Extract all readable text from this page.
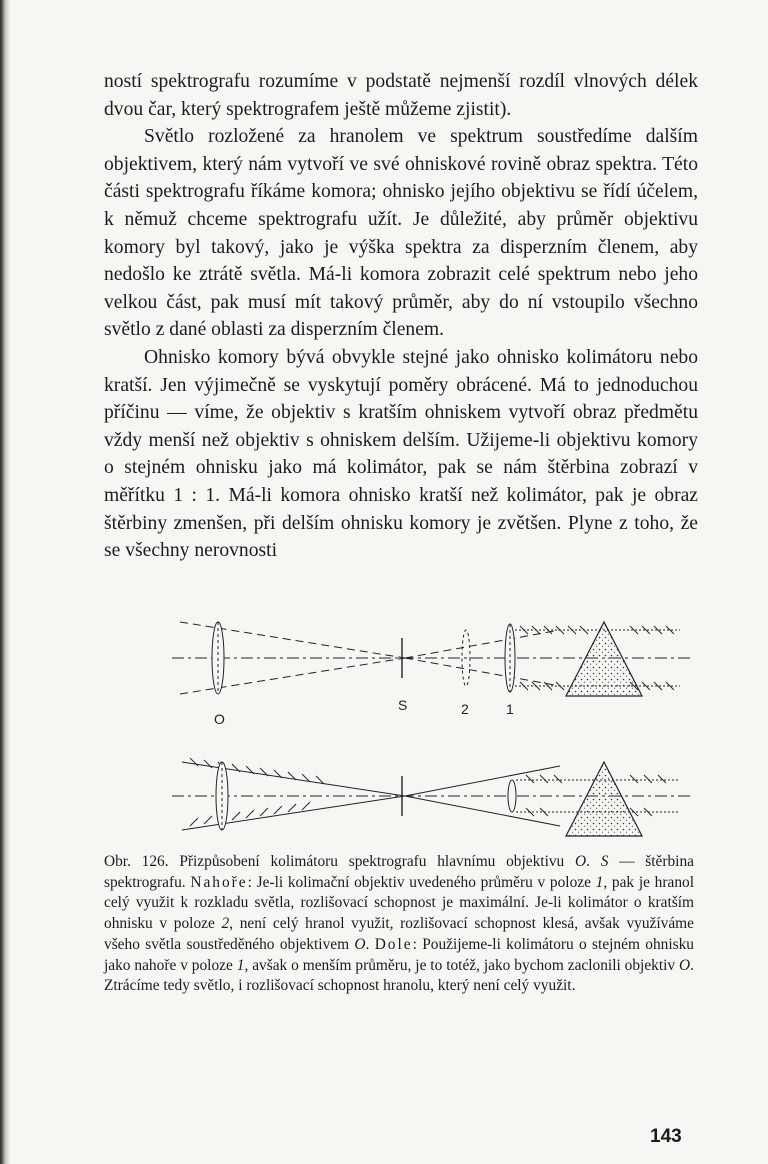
ností spektrografu rozumíme v podstatě nejmenší rozdíl vlnových délek dvou čar, který spektrografem ještě můžeme zjistit).

Světlo rozložené za hranolem ve spektrum soustředíme dalším objektivem, který nám vytvoří ve své ohniskové rovině obraz spektra. Této části spektrografu říkáme komora; ohnisko jejího objektivu se řídí účelem, k němuž chceme spektrografu užít. Je důležité, aby průměr objektivu komory byl takový, jako je výška spektra za disperzním členem, aby nedošlo ke ztrátě světla. Má-li komora zobrazit celé spektrum nebo jeho velkou část, pak musí mít takový průměr, aby do ní vstoupilo všechno světlo z dané oblasti za disperzním členem.

Ohnisko komory bývá obvykle stejné jako ohnisko kolimátoru nebo kratší. Jen výjimečně se vyskytují poměry obrácené. Má to jednoduchou příčinu — víme, že objektiv s kratším ohniskem vytvoří obraz předmětu vždy menší než objektiv s ohniskem delším. Užijeme-li objektivu komory o stejném ohnisku jako má kolimátor, pak se nám štěrbina zobrazí v měřítku 1 : 1. Má-li komora ohnisko kratší než kolimátor, pak je obraz štěrbiny zmenšen, při delším ohnisku komory je zvětšen. Plyne z toho, že se všechny nerovnosti

O
S	2	1

Obr. 126. Přizpůsobení kolimátoru spektrografu hlavnímu objektivu O. S — štěrbina spektrografu. Nahoře: Je-li kolimační objektiv uvedeného průměru v poloze 1, pak je hranol celý využit k rozkladu světla, rozlišovací schopnost je maximální. Je-li kolimátor o kratším ohnisku v poloze 2, není celý hranol využit, rozlišovací schopnost klesá, avšak využíváme všeho světla soustředěného objektivem O. Dole: Použijeme-li kolimátoru o stejném ohnisku jako nahoře v poloze 1, avšak o menším průměru, je to totéž, jako bychom zaclonili objektiv O. Ztrácíme tedy světlo, i rozlišovací schopnost hranolu, který není celý využit.

143
